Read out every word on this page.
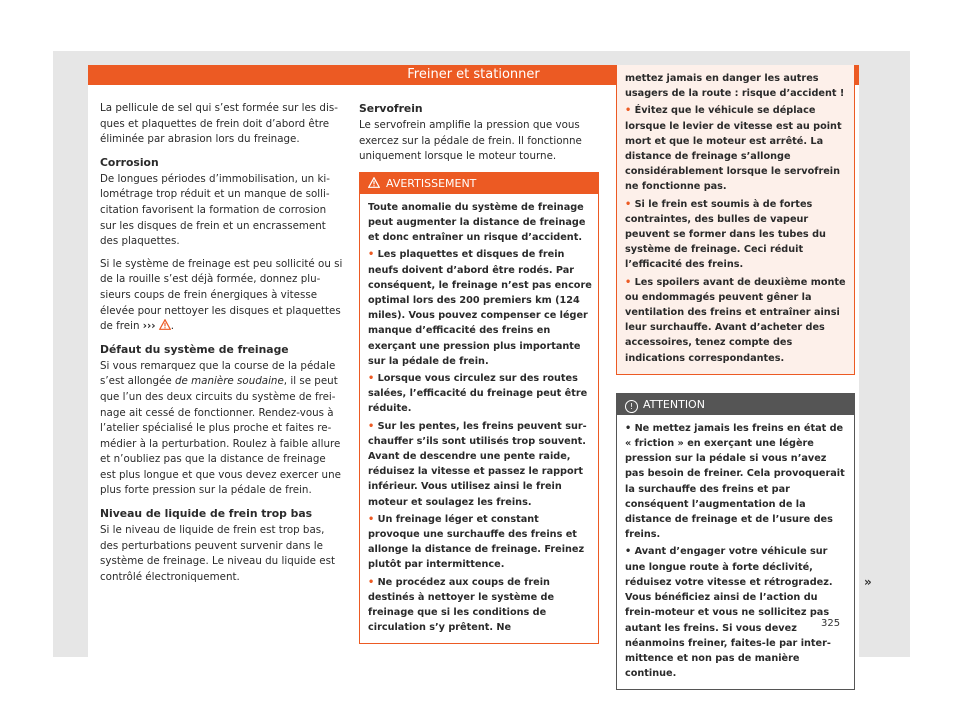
Freiner et stationner

La pellicule de sel qui s’est formée sur les disques et plaquettes de frein doit d’abord être éliminée par abrasion lors du freinage.

Corrosion

De longues périodes d’immobilisation, un kilométrage trop réduit et un manque de sollicitation favorisent la formation de corrosion sur les disques de frein et un encrassement des plaquettes.

Si le système de freinage est peu sollicité ou si de la rouille s’est déjà formée, donnez plusieurs coups de frein énergiques à vitesse élevée pour nettoyer les disques et plaquettes de frein ››› .

Défaut du système de freinage

Si vous remarquez que la course de la pédale s’est allongée de manière soudaine, il se peut que l’un des deux circuits du système de freinage ait cessé de fonctionner. Rendez-vous à l’atelier spécialisé le plus proche et faites remédier à la perturbation. Roulez à faible allure et n’oubliez pas que la distance de freinage est plus longue et que vous devez exercer une plus forte pression sur la pédale de frein.

Niveau de liquide de frein trop bas

Si le niveau de liquide de frein est trop bas, des perturbations peuvent survenir dans le système de freinage. Le niveau du liquide est contrôlé électroniquement.

Servofrein

Le servofrein amplifie la pression que vous exercez sur la pédale de frein. Il fonctionne uniquement lorsque le moteur tourne.

AVERTISSEMENT

Toute anomalie du système de freinage peut augmenter la distance de freinage et donc entraîner un risque d’accident.

• Les plaquettes et disques de frein neufs doivent d’abord être rodés. Par conséquent, le freinage n’est pas encore optimal lors des 200 premiers km (124 miles). Vous pouvez compenser ce léger manque d’efficacité des freins en exerçant une pression plus importante sur la pédale de frein.

• Lorsque vous circulez sur des routes salées, l’efficacité du freinage peut être réduite.

• Sur les pentes, les freins peuvent surchauffer s’ils sont utilisés trop souvent. Avant de descendre une pente raide, réduisez la vitesse et passez le rapport inférieur. Vous utilisez ainsi le frein moteur et soulagez les freins.

• Un freinage léger et constant provoque une surchauffe des freins et allonge la distance de freinage. Freinez plutôt par intermittence.

• Ne procédez aux coups de frein destinés à nettoyer le système de freinage que si les conditions de circulation s’y prêtent. Ne

mettez jamais en danger les autres usagers de la route : risque d’accident !

• Évitez que le véhicule se déplace lorsque le levier de vitesse est au point mort et que le moteur est arrêté. La distance de freinage s’allonge considérablement lorsque le servofrein ne fonctionne pas.

• Si le frein est soumis à de fortes contraintes, des bulles de vapeur peuvent se former dans les tubes du système de freinage. Ceci réduit l’efficacité des freins.

• Les spoilers avant de deuxième monte ou endommagés peuvent gêner la ventilation des freins et entraîner ainsi leur surchauffe. Avant d’acheter des accessoires, tenez compte des indications correspondantes.

! ATTENTION

• Ne mettez jamais les freins en état de « friction » en exerçant une légère pression sur la pédale si vous n’avez pas besoin de freiner. Cela provoquerait la surchauffe des freins et par conséquent l’augmentation de la distance de freinage et de l’usure des freins.

• Avant d’engager votre véhicule sur une longue route à forte déclivité, réduisez votre vitesse et rétrogradez. Vous bénéficiez ainsi de l’action du frein-moteur et vous ne sollicitez pas autant les freins. Si vous devez néanmoins freiner, faites-le par intermittence et non pas de manière continue.

»
325
